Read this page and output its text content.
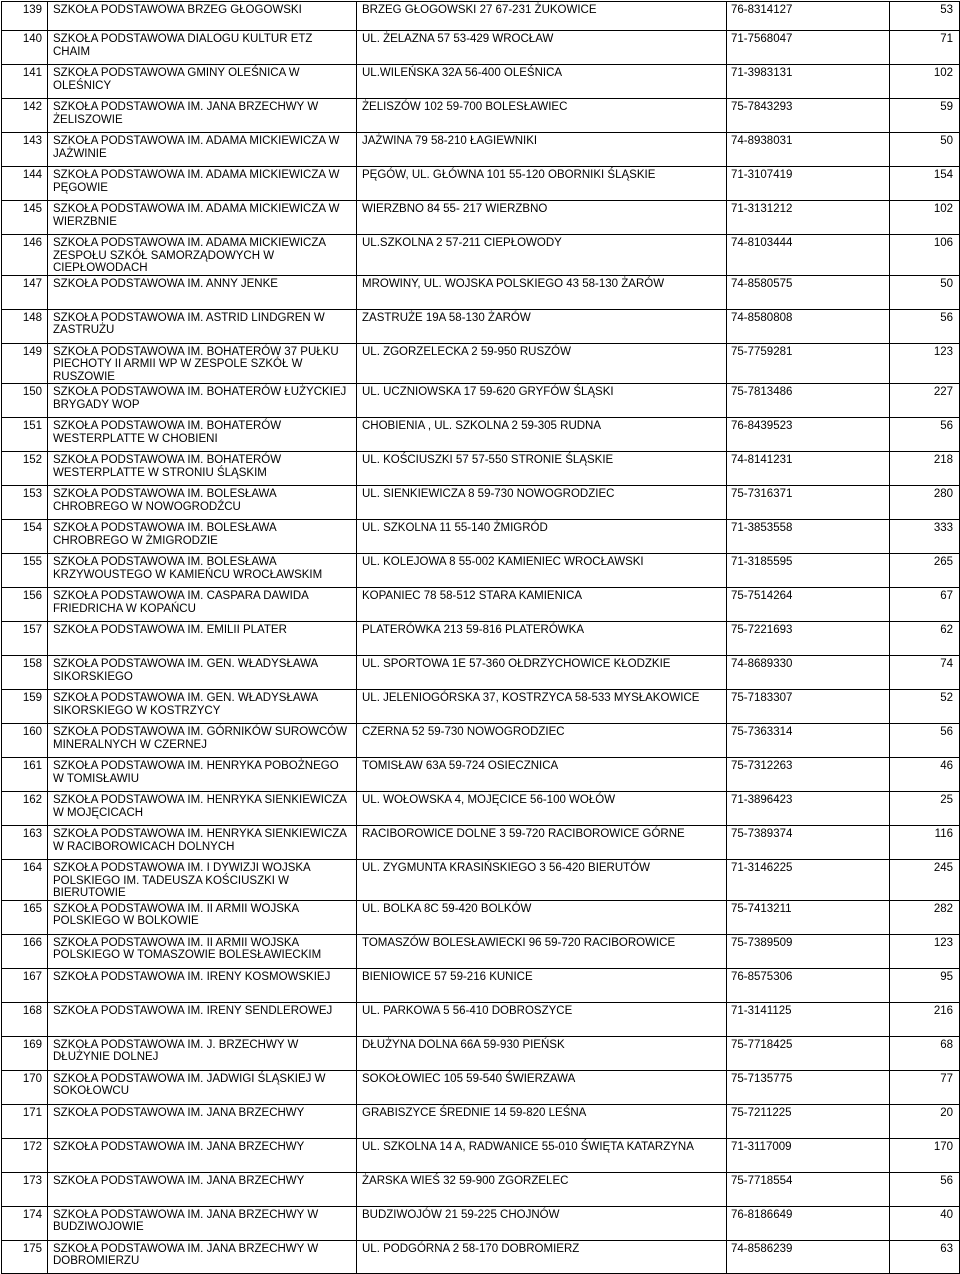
139	SZKOŁA PODSTAWOWA BRZEG GŁOGOWSKI	BRZEG GŁOGOWSKI 27 67-231 ŻUKOWICE	76-8314127	53
140	SZKOŁA PODSTAWOWA DIALOGU KULTUR ETZ CHAIM	UL. ŻELAZNA 57 53-429 WROCŁAW	71-7568047	71
141	SZKOŁA PODSTAWOWA GMINY OLEŚNICA W OLEŚNICY	UL.WILEŃSKA 32A 56-400 OLEŚNICA	71-3983131	102
142	SZKOŁA PODSTAWOWA IM. JANA BRZECHWY W ŻELISZOWIE	ŻELISZÓW 102 59-700 BOLESŁAWIEC	75-7843293	59
143	SZKOŁA PODSTAWOWA IM. ADAMA MICKIEWICZA W JAŻWINIE	JAŻWINA 79 58-210 ŁAGIEWNIKI	74-8938031	50
144	SZKOŁA PODSTAWOWA IM. ADAMA MICKIEWICZA W PĘGOWIE	PĘGÓW, UL. GŁÓWNA 101 55-120 OBORNIKI ŚLĄSKIE	71-3107419	154
145	SZKOŁA PODSTAWOWA IM. ADAMA MICKIEWICZA W WIERZBNIE	WIERZBNO 84 55- 217 WIERZBNO	71-3131212	102
146	SZKOŁA PODSTAWOWA IM. ADAMA MICKIEWICZA ZESPOŁU SZKÓŁ SAMORZĄDOWYCH W CIEPŁOWODACH	UL.SZKOLNA 2 57-211 CIEPŁOWODY	74-8103444	106
147	SZKOŁA PODSTAWOWA IM. ANNY JENKE	MROWINY, UL. WOJSKA POLSKIEGO 43 58-130 ŻARÓW	74-8580575	50
148	SZKOŁA PODSTAWOWA IM. ASTRID LINDGREN W ZASTRUŻU	ZASTRUŻE 19A 58-130 ŻARÓW	74-8580808	56
149	SZKOŁA PODSTAWOWA IM. BOHATERÓW 37 PUŁKU PIECHOTY II ARMII WP W ZESPOLE SZKÓŁ W RUSZOWIE	UL. ZGORZELECKA 2 59-950 RUSZÓW	75-7759281	123
150	SZKOŁA PODSTAWOWA IM. BOHATERÓW ŁUŻYCKIEJ BRYGADY WOP	UL. UCZNIOWSKA 17 59-620 GRYFÓW ŚLĄSKI	75-7813486	227
151	SZKOŁA PODSTAWOWA IM. BOHATERÓW WESTERPLATTE W CHOBIENI	CHOBIENIA , UL. SZKOLNA 2 59-305 RUDNA	76-8439523	56
152	SZKOŁA PODSTAWOWA IM. BOHATERÓW WESTERPLATTE W STRONIU ŚLĄSKIM	UL. KOŚCIUSZKI 57 57-550 STRONIE ŚLĄSKIE	74-8141231	218
153	SZKOŁA PODSTAWOWA IM. BOLESŁAWA CHROBREGO W NOWOGRODŹCU	UL. SIENKIEWICZA 8 59-730 NOWOGRODZIEC	75-7316371	280
154	SZKOŁA PODSTAWOWA IM. BOLESŁAWA CHROBREGO W ŻMIGRODZIE	UL. SZKOLNA 11 55-140 ŻMIGRÓD	71-3853558	333
155	SZKOŁA PODSTAWOWA IM. BOLESŁAWA KRZYWOUSTEGO W KAMIEŃCU WROCŁAWSKIM	UL. KOLEJOWA 8 55-002 KAMIENIEC WROCŁAWSKI	71-3185595	265
156	SZKOŁA PODSTAWOWA IM. CASPARA DAWIDA FRIEDRICHA W KOPAŃCU	KOPANIEC 78 58-512 STARA KAMIENICA	75-7514264	67
157	SZKOŁA PODSTAWOWA IM. EMILII PLATER	PLATERÓWKA 213 59-816 PLATERÓWKA	75-7221693	62
158	SZKOŁA PODSTAWOWA IM. GEN. WŁADYSŁAWA SIKORSKIEGO	UL. SPORTOWA 1E 57-360 OŁDRZYCHOWICE KŁODZKIE	74-8689330	74
159	SZKOŁA PODSTAWOWA IM. GEN. WŁADYSŁAWA SIKORSKIEGO W KOSTRZYCY	UL. JELENIOGÓRSKA 37, KOSTRZYCA 58-533 MYSŁAKOWICE	75-7183307	52
160	SZKOŁA PODSTAWOWA IM. GÓRNIKÓW SUROWCÓW MINERALNYCH W CZERNEJ	CZERNA 52 59-730 NOWOGRODZIEC	75-7363314	56
161	SZKOŁA PODSTAWOWA IM. HENRYKA POBOŻNEGO W TOMISŁAWIU	TOMISŁAW 63A 59-724 OSIECZNICA	75-7312263	46
162	SZKOŁA PODSTAWOWA IM. HENRYKA SIENKIEWICZA W MOJĘCICACH	UL. WOŁOWSKA 4, MOJĘCICE 56-100 WOŁÓW	71-3896423	25
163	SZKOŁA PODSTAWOWA IM. HENRYKA SIENKIEWICZA W RACIBOROWICACH DOLNYCH	RACIBOROWICE DOLNE 3 59-720 RACIBOROWICE GÓRNE	75-7389374	116
164	SZKOŁA PODSTAWOWA IM. I DYWIZJI WOJSKA POLSKIEGO IM. TADEUSZA KOŚCIUSZKI W BIERUTOWIE	UL. ZYGMUNTA KRASIŃSKIEGO 3 56-420 BIERUTÓW	71-3146225	245
165	SZKOŁA PODSTAWOWA IM. II ARMII WOJSKA POLSKIEGO W BOLKOWIE	UL. BOLKA 8C 59-420 BOLKÓW	75-7413211	282
166	SZKOŁA PODSTAWOWA IM. II ARMII WOJSKA POLSKIEGO W TOMASZOWIE BOLESŁAWIECKIM	TOMASZÓW BOLESŁAWIECKI 96 59-720 RACIBOROWICE	75-7389509	123
167	SZKOŁA PODSTAWOWA IM. IRENY KOSMOWSKIEJ	BIENIOWICE 57 59-216 KUNICE	76-8575306	95
168	SZKOŁA PODSTAWOWA IM. IRENY SENDLEROWEJ	UL. PARKOWA 5 56-410 DOBROSZYCE	71-3141125	216
169	SZKOŁA PODSTAWOWA IM. J. BRZECHWY W DŁUŻYNIE DOLNEJ	DŁUŻYNA DOLNA 66A 59-930 PIEŃSK	75-7718425	68
170	SZKOŁA PODSTAWOWA IM. JADWIGI ŚLĄSKIEJ W SOKOŁOWCU	SOKOŁOWIEC 105 59-540 ŚWIERZAWA	75-7135775	77
171	SZKOŁA PODSTAWOWA IM. JANA BRZECHWY	GRABISZYCE ŚREDNIE 14 59-820 LEŚNA	75-7211225	20
172	SZKOŁA PODSTAWOWA IM. JANA BRZECHWY	UL. SZKOLNA 14 A, RADWANICE 55-010 ŚWIĘTA KATARZYNA	71-3117009	170
173	SZKOŁA PODSTAWOWA IM. JANA BRZECHWY	ŻARSKA WIEŚ 32 59-900 ZGORZELEC	75-7718554	56
174	SZKOŁA PODSTAWOWA IM. JANA BRZECHWY W BUDZIWOJOWIE	BUDZIWOJÓW 21 59-225 CHOJNÓW	76-8186649	40
175	SZKOŁA PODSTAWOWA IM. JANA BRZECHWY W DOBROMIERZU	UL. PODGÓRNA 2 58-170 DOBROMIERZ	74-8586239	63
